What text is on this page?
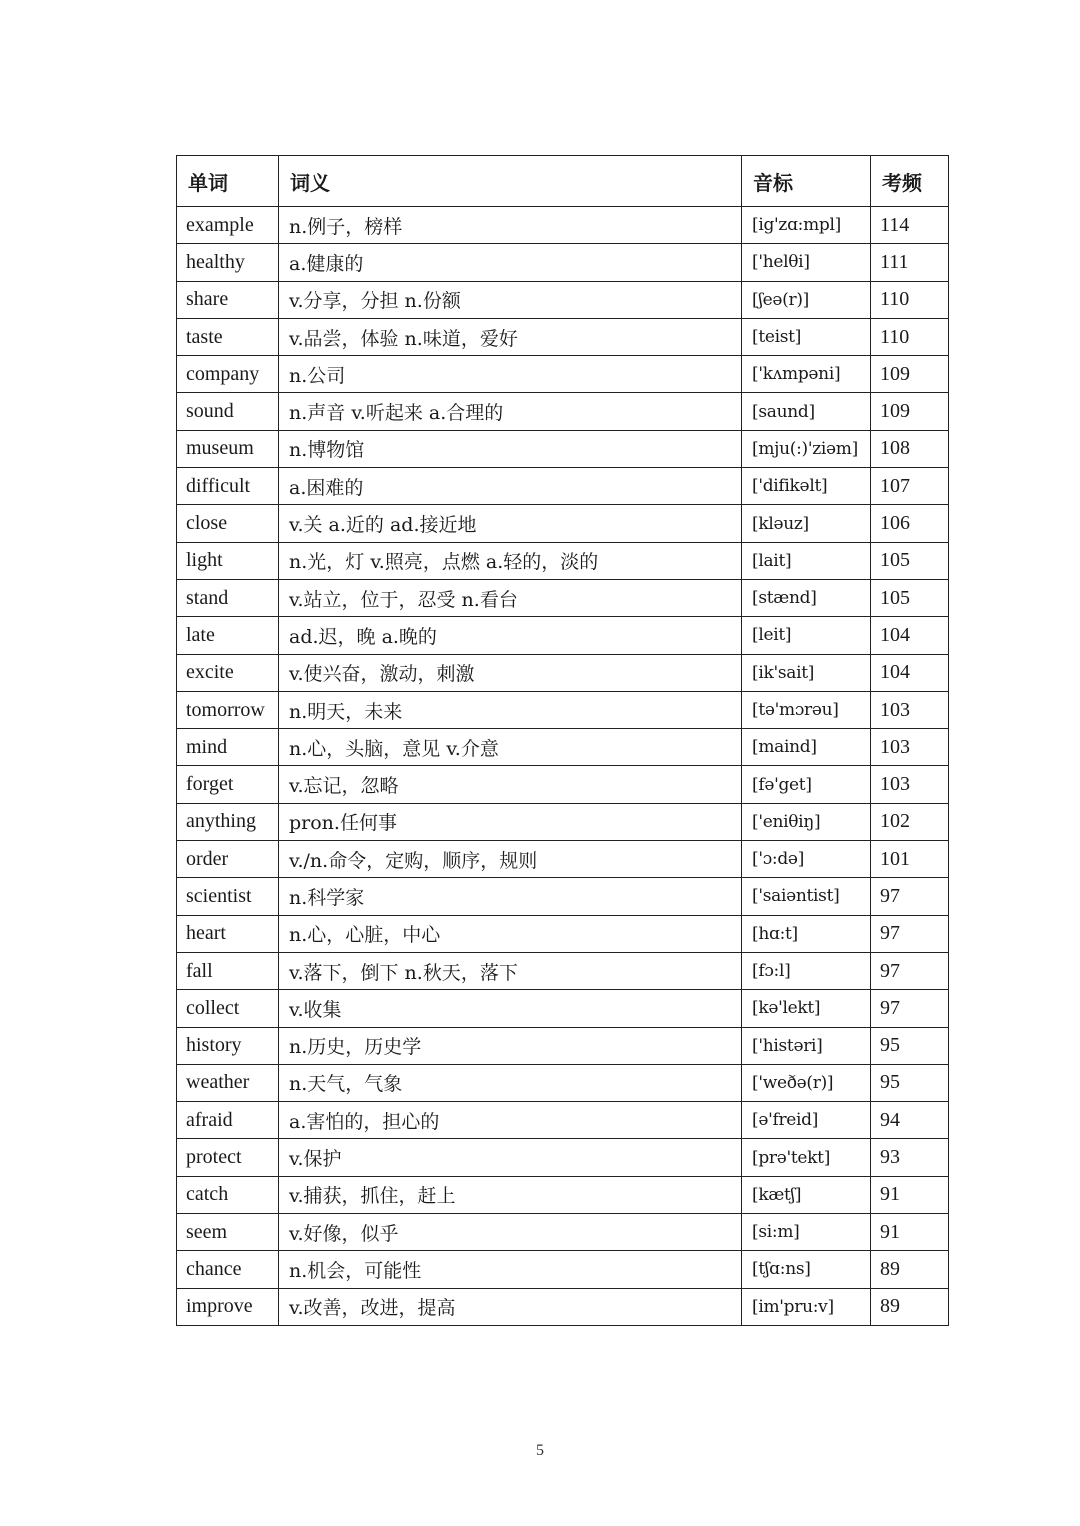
单词	词义	音标	考频
example	n.例子，榜样	[ig'zɑ:mpl]	114
healthy	a.健康的	['helθi]	111
share	v.分享，分担 n.份额	[ʃeə(r)]	110
taste	v.品尝，体验 n.味道，爱好	[teist]	110
company	n.公司	['kʌmpəni]	109
sound	n.声音 v.听起来 a.合理的	[saund]	109
museum	n.博物馆	[mju(:)'ziəm]	108
difficult	a.困难的	['difikəlt]	107
close	v.关 a.近的 ad.接近地	[kləuz]	106
light	n.光，灯 v.照亮，点燃 a.轻的，淡的	[lait]	105
stand	v.站立，位于，忍受 n.看台	[stænd]	105
late	ad.迟，晚 a.晚的	[leit]	104
excite	v.使兴奋，激动，刺激	[ik'sait]	104
tomorrow	n.明天，未来	[tə'mɔrəu]	103
mind	n.心，头脑，意见 v.介意	[maind]	103
forget	v.忘记，忽略	[fə'get]	103
anything	pron.任何事	['eniθiŋ]	102
order	v./n.命令，定购，顺序，规则	['ɔ:də]	101
scientist	n.科学家	['saiəntist]	97
heart	n.心，心脏，中心	[hɑ:t]	97
fall	v.落下，倒下 n.秋天，落下	[fɔ:l]	97
collect	v.收集	[kə'lekt]	97
history	n.历史，历史学	['histəri]	95
weather	n.天气，气象	['weðə(r)]	95
afraid	a.害怕的，担心的	[ə'freid]	94
protect	v.保护	[prə'tekt]	93
catch	v.捕获，抓住，赶上	[kætʃ]	91
seem	v.好像，似乎	[si:m]	91
chance	n.机会，可能性	[tʃɑ:ns]	89
improve	v.改善，改进，提高	[im'pru:v]	89
5
